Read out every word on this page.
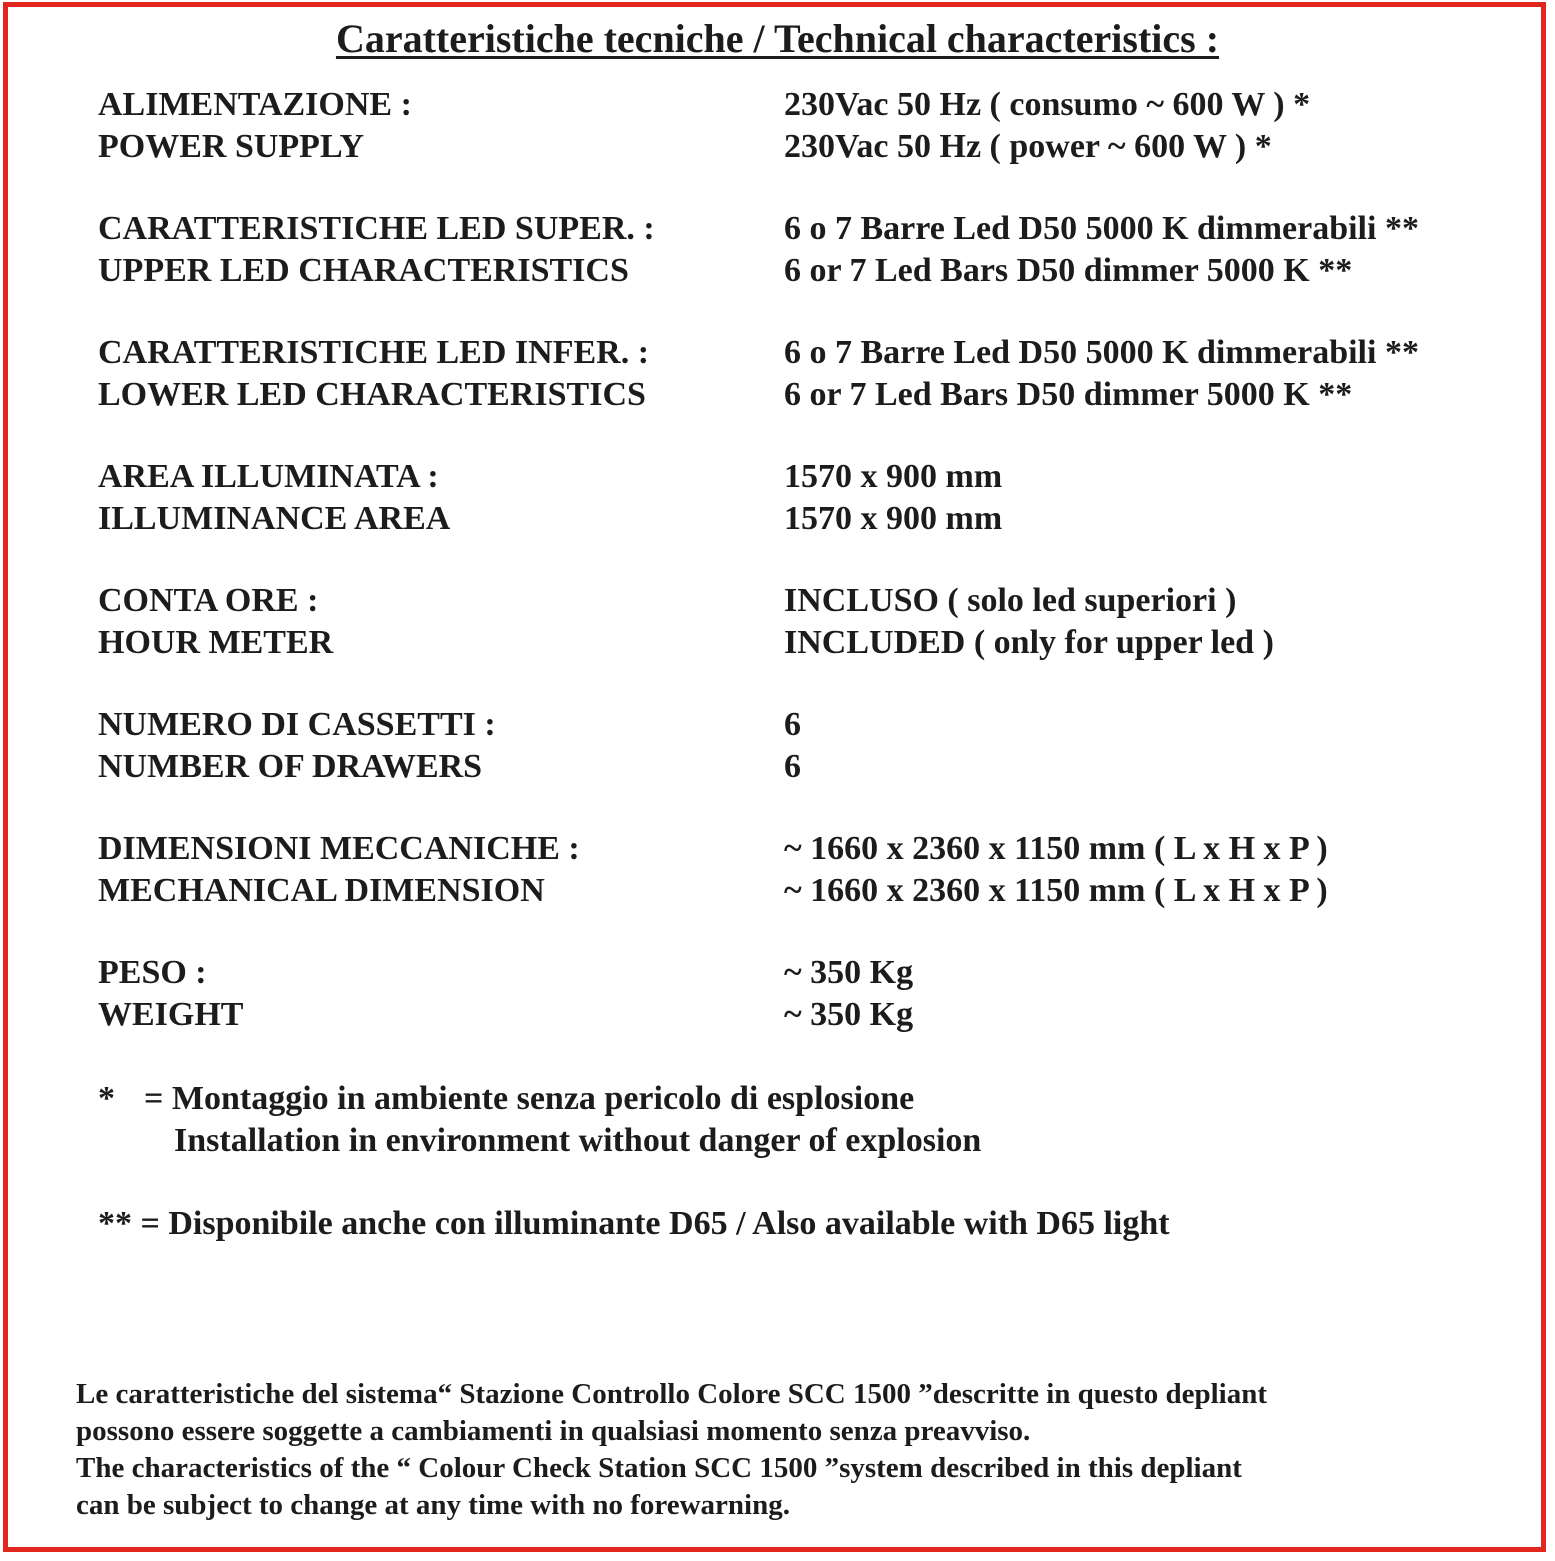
Caratteristiche tecniche / Technical characteristics :
ALIMENTAZIONE :
POWER SUPPLY
230Vac 50 Hz ( consumo ~ 600 W ) *
230Vac 50 Hz ( power ~ 600 W ) *
CARATTERISTICHE LED SUPER. :
UPPER LED CHARACTERISTICS
6 o 7 Barre Led D50 5000 K dimmerabili **
6 or 7 Led Bars D50 dimmer 5000 K **
CARATTERISTICHE LED INFER. :
LOWER LED CHARACTERISTICS
6 o 7 Barre Led D50 5000 K dimmerabili **
6 or 7 Led Bars D50 dimmer 5000 K **
AREA ILLUMINATA :
ILLUMINANCE AREA
1570 x 900 mm
1570 x 900 mm
CONTA ORE :
HOUR METER
INCLUSO ( solo led superiori )
INCLUDED ( only for upper led )
NUMERO DI CASSETTI :
NUMBER OF DRAWERS
6
6
DIMENSIONI MECCANICHE :
MECHANICAL DIMENSION
~ 1660 x 2360 x 1150 mm ( L x H x P )
~ 1660 x 2360 x 1150 mm ( L x H x P )
PESO :
WEIGHT
~ 350 Kg
~ 350 Kg
* = Montaggio in ambiente senza pericolo di esplosione
Installation in environment without danger of explosion
** = Disponibile anche con illuminante D65 / Also available with D65 light
Le caratteristiche del sistema“ Stazione Controllo Colore SCC 1500 ”descritte in questo depliant
possono essere soggette a cambiamenti in qualsiasi momento senza preavviso.
The characteristics of the “ Colour Check Station SCC 1500 ”system described in this depliant
can be subject to change at any time with no forewarning.
